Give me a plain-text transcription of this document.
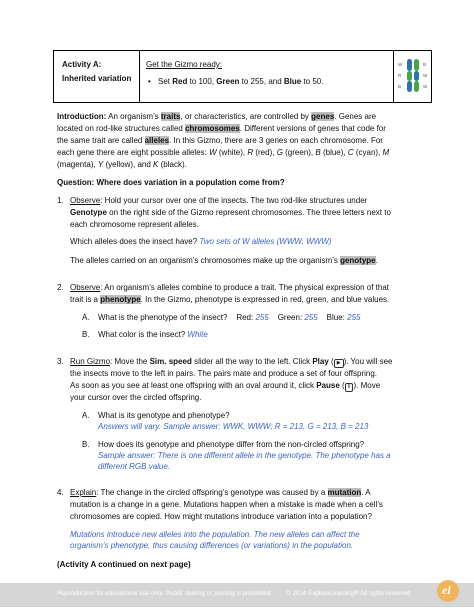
Activity A:
Inherited variation
Get the Gizmo ready:
• Set Red to 100, Green to 255, and Blue to 50.
W
R
B
B
W
W
Introduction: An organism’s traits, or characteristics, are controlled by genes. Genes are
located on rod-like structures called chromosomes. Different versions of genes that code for
the same trait are called alleles. In this Gizmo, there are 3 genes on each chromosome. For
each gene there are eight possible alleles: W (white), R (red), G (green), B (blue), C (cyan), M
(magenta), Y (yellow), and K (black).
Question: Where does variation in a population come from?
1. Observe: Hold your cursor over one of the insects. The two rod-like structures under
Genotype on the right side of the Gizmo represent chromosomes. The three letters next to
each chromosome represent alleles.
Which alleles does the insect have? Two sets of W alleles (WWW, WWW)
The alleles carried on an organism’s chromosomes make up the organism’s genotype.
2. Observe: An organism’s alleles combine to produce a trait. The physical expression of that
trait is a phenotype. In the Gizmo, phenotype is expressed in red, green, and blue values.
A. What is the phenotype of the insect? Red: 255 Green: 255 Blue: 255
B. What color is the insect? White
3. Run Gizmo: Move the Sim. speed slider all the way to the left. Click Play ( ▶ ). You will see
the insects move to the left in pairs. The pairs mate and produce a set of four offspring.
As soon as you see at least one offspring with an oval around it, click Pause ( II ). Move
your cursor over the circled offspring.
A. What is its genotype and phenotype?
Answers will vary. Sample answer: WWK, WWW; R = 213, G = 213, B = 213
B. How does its genotype and phenotype differ from the non-circled offspring?
Sample answer: There is one different allele in the genotype. The phenotype has a
different RGB value.
4. Explain: The change in the circled offspring’s genotype was caused by a mutation. A
mutation is a change in a gene. Mutations happen when a mistake is made when a cell’s
chromosomes are copied. How might mutations introduce variation into a population?
Mutations introduce new alleles into the population. The new alleles can affect the
organism’s phenotype, thus causing differences (or variations) in the population.
(Activity A continued on next page)
Reproduction for educational use only. Public sharing or posting is prohibited. © 2014 ExploreLearning® All rights reserved	el
